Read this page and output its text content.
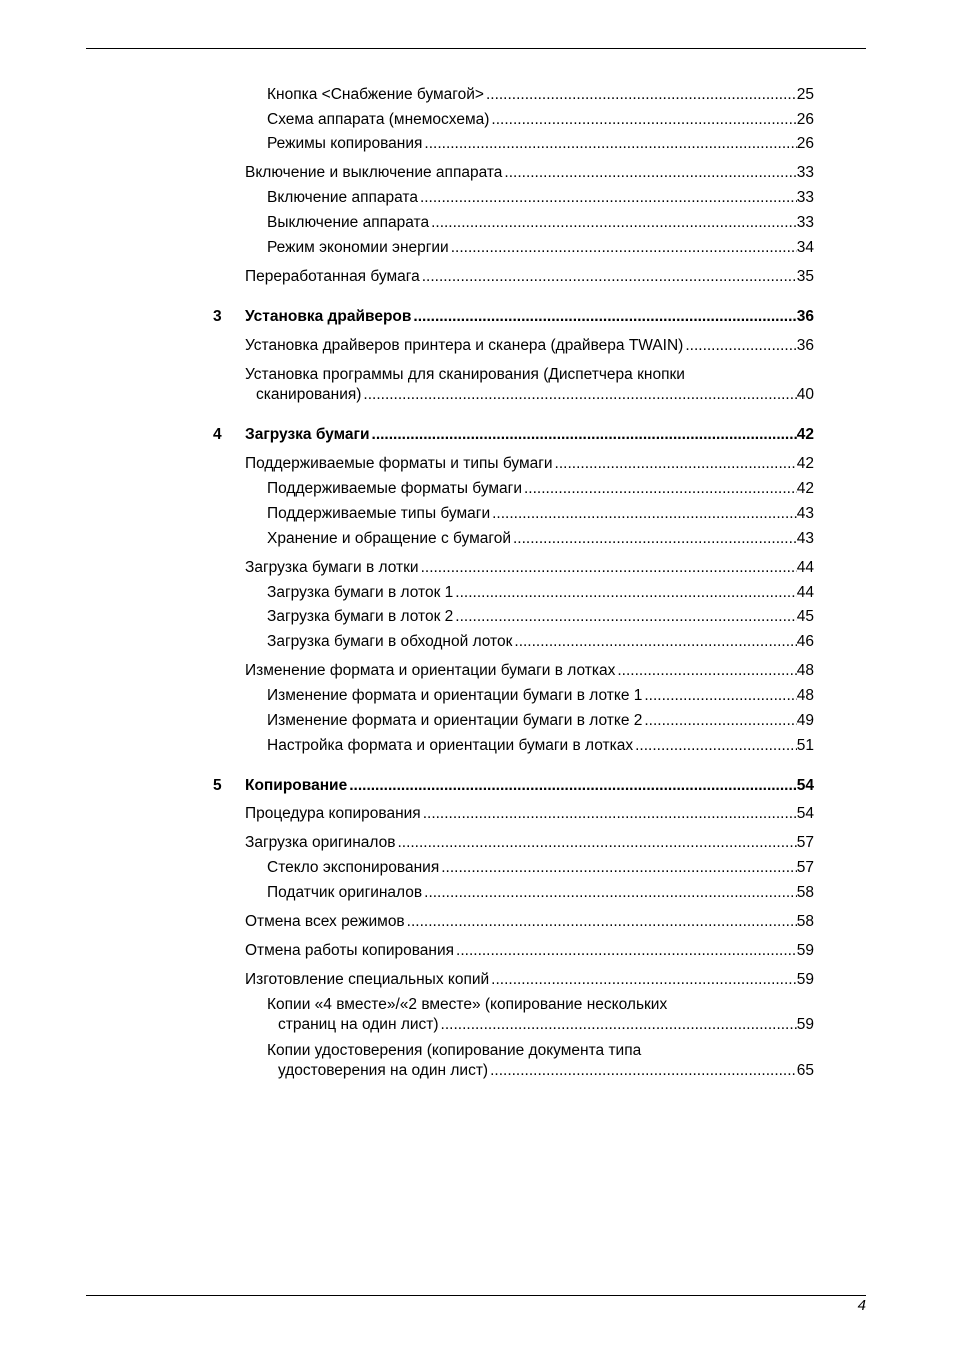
Кнопка <Снабжение бумагой> .....	25
Схема аппарата (мнемосхема) .....	26
Режимы копирования .....	26
Включение и выключение аппарата .....	33
Включение аппарата .....	33
Выключение аппарата .....	33
Режим экономии энергии .....	34
Переработанная бумага .....	35
3	Установка драйверов .....	36
Установка драйверов принтера и сканера (драйвера TWAIN) .....	36
Установка программы для сканирования (Диспетчера кнопки
сканирования) .....	40
4	Загрузка бумаги .....	42
Поддерживаемые форматы и типы бумаги .....	42
Поддерживаемые форматы бумаги .....	42
Поддерживаемые типы бумаги .....	43
Хранение и обращение с бумагой .....	43
Загрузка бумаги в лотки .....	44
Загрузка бумаги в лоток 1 .....	44
Загрузка бумаги в лоток 2 .....	45
Загрузка бумаги в обходной лоток .....	46
Изменение формата и ориентации бумаги в лотках .....	48
Изменение формата и ориентации бумаги в лотке 1 .....	48
Изменение формата и ориентации бумаги в лотке 2 .....	49
Настройка формата и ориентации бумаги в лотках .....	51
5	Копирование .....	54
Процедура копирования .....	54
Загрузка оригиналов .....	57
Стекло экспонирования .....	57
Податчик оригиналов .....	58
Отмена всех режимов .....	58
Отмена работы копирования .....	59
Изготовление специальных копий .....	59
Копии «4 вместе»/«2 вместе» (копирование нескольких
страниц на один лист) .....	59
Копии удостоверения (копирование документа типа
удостоверения на один лист) .....	65
4
